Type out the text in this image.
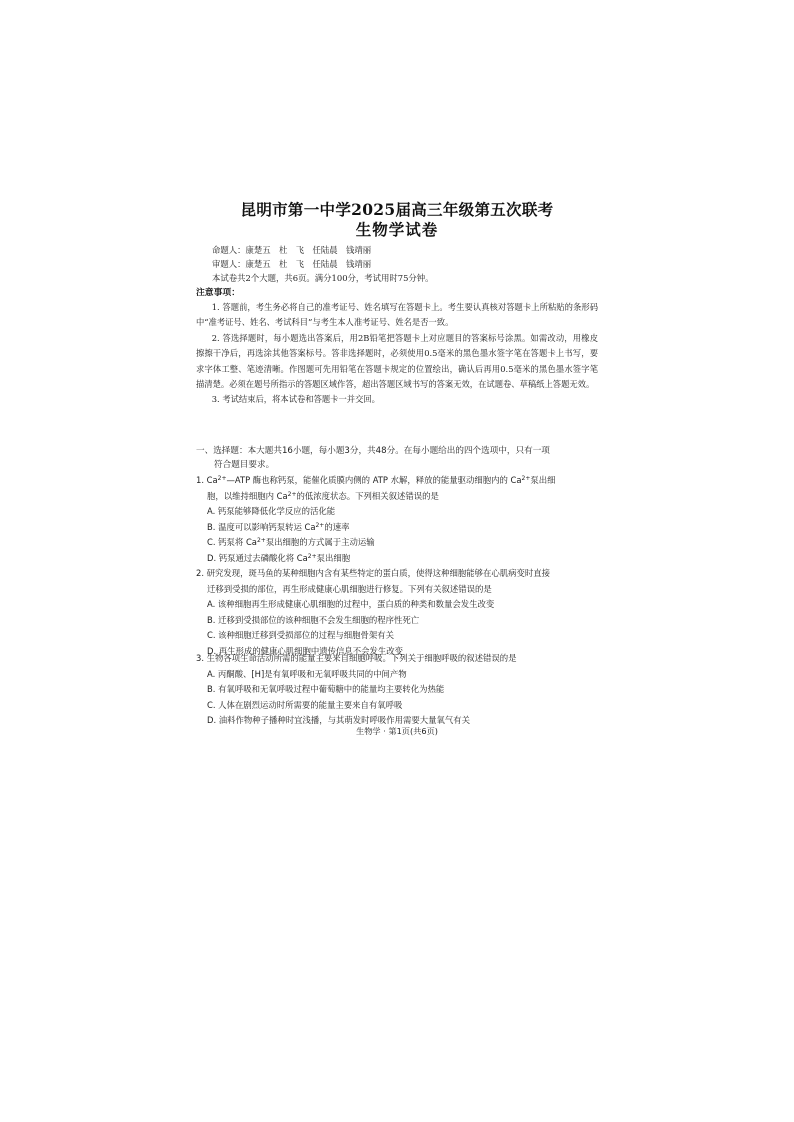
昆明市第一中学2025届高三年级第五次联考
生物学试卷
命题人：康楚五　杜　飞　任陆晨　钱靖丽
审题人：康楚五　杜　飞　任陆晨　钱靖丽
本试卷共2个大题，共6页。满分100分，考试用时75分钟。
注意事项：

1. 答题前，考生务必将自己的准考证号、姓名填写在答题卡上。考生要认真核对答题卡上所粘贴的条形码中“准考证号、姓名、考试科目”与考生本人准考证号、姓名是否一致。

2. 答选择题时，每小题选出答案后，用2B铅笔把答题卡上对应题目的答案标号涂黑。如需改动，用橡皮擦擦干净后，再选涂其他答案标号。答非选择题时，必须使用0.5毫米的黑色墨水签字笔在答题卡上书写，要求字体工整、笔迹清晰。作图题可先用铅笔在答题卡规定的位置绘出，确认后再用0.5毫米的黑色墨水签字笔描清楚。必须在题号所指示的答题区域作答，超出答题区域书写的答案无效，在试题卷、草稿纸上答题无效。

3. 考试结束后，将本试卷和答题卡一并交回。

一、选择题：本大题共16小题，每小题3分，共48分。在每小题给出的四个选项中，只有一项
符合题目要求。
1. $Ca^{2+}—ATP$ 酶也称钙泵，能催化质膜内侧的 ATP 水解，释放的能量驱动细胞内的 $Ca^{2+}$泵出细
胞，以维持细胞内 $Ca^{2+}$的低浓度状态。下列相关叙述错误的是
A. 钙泵能够降低化学反应的活化能
B. 温度可以影响钙泵转运 $Ca^{2+}$的速率
C. 钙泵将 $Ca^{2+}$泵出细胞的方式属于主动运输
D. 钙泵通过去磷酸化将 $Ca^{2+}$泵出细胞
2. 研究发现，斑马鱼的某种细胞内含有某些特定的蛋白质，使得这种细胞能够在心肌病变时直接
迁移到受损的部位，再生形成健康心肌细胞进行修复。下列有关叙述错误的是
A. 该种细胞再生形成健康心肌细胞的过程中，蛋白质的种类和数量会发生改变
B. 迁移到受损部位的该种细胞不会发生细胞的程序性死亡
C. 该种细胞迁移到受损部位的过程与细胞骨架有关
D. 再生形成的健康心肌细胞中遗传信息不会发生改变
3. 生物各项生命活动所需的能量主要来自细胞呼吸。下列关于细胞呼吸的叙述错误的是
A. 丙酮酸、[H]是有氧呼吸和无氧呼吸共同的中间产物
B. 有氧呼吸和无氧呼吸过程中葡萄糖中的能量均主要转化为热能
C. 人体在剧烈运动时所需要的能量主要来自有氧呼吸
D. 油料作物种子播种时宜浅播，与其萌发时呼吸作用需要大量氧气有关
生物学 · 第1页(共6页)
